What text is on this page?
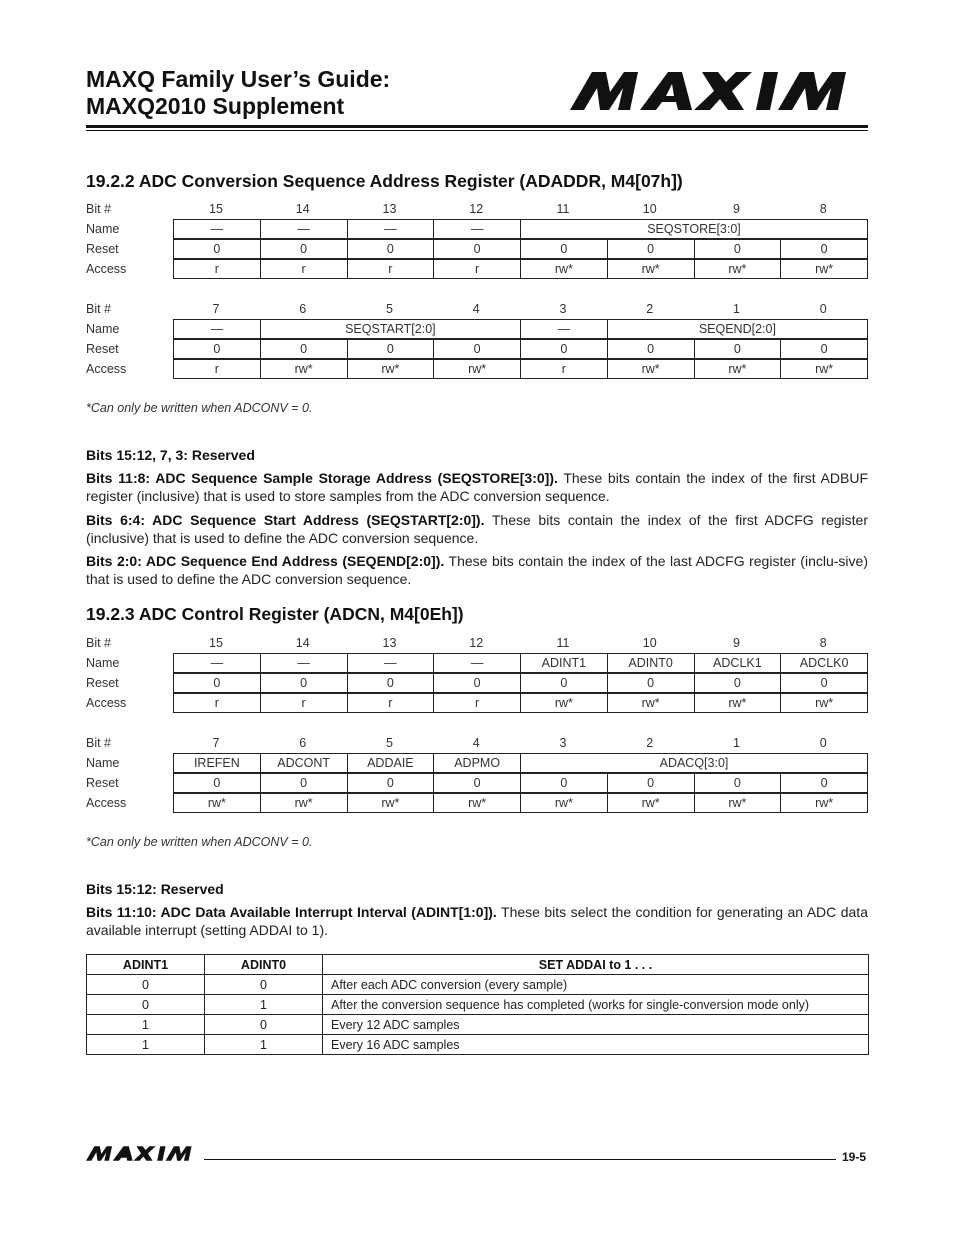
MAXQ Family User’s Guide:
MAXQ2010 Supplement
19.2.2 ADC Conversion Sequence Address Register (ADADDR, M4[07h])
Bit #	15	14	13	12	11	10	9	8
Name	—	—	—	—	SEQSTORE[3:0]
Reset	0	0	0	0	0	0	0	0
Access	r	r	r	r	rw*	rw*	rw*	rw*
Bit #	7	6	5	4	3	2	1	0
Name	—	SEQSTART[2:0]	—	SEQEND[2:0]
Reset	0	0	0	0	0	0	0	0
Access	r	rw*	rw*	rw*	r	rw*	rw*	rw*
*Can only be written when ADCONV = 0.
Bits 15:12, 7, 3: Reserved
Bits 11:8: ADC Sequence Sample Storage Address (SEQSTORE[3:0]). These bits contain the index of the first ADBUF register (inclusive) that is used to store samples from the ADC conversion sequence.
Bits 6:4: ADC Sequence Start Address (SEQSTART[2:0]). These bits contain the index of the first ADCFG register (inclusive) that is used to define the ADC conversion sequence.
Bits 2:0: ADC Sequence End Address (SEQEND[2:0]). These bits contain the index of the last ADCFG register (inclu-sive) that is used to define the ADC conversion sequence.
19.2.3 ADC Control Register (ADCN, M4[0Eh])
Bit #	15	14	13	12	11	10	9	8
Name	—	—	—	—	ADINT1	ADINT0	ADCLK1	ADCLK0
Reset	0	0	0	0	0	0	0	0
Access	r	r	r	r	rw*	rw*	rw*	rw*
Bit #	7	6	5	4	3	2	1	0
Name	IREFEN	ADCONT	ADDAIE	ADPMO	ADACQ[3:0]
Reset	0	0	0	0	0	0	0	0
Access	rw*	rw*	rw*	rw*	rw*	rw*	rw*	rw*
*Can only be written when ADCONV = 0.
Bits 15:12: Reserved
Bits 11:10: ADC Data Available Interrupt Interval (ADINT[1:0]). These bits select the condition for generating an ADC data available interrupt (setting ADDAI to 1).
ADINT1	ADINT0	SET ADDAI to 1 . . .
0	0	After each ADC conversion (every sample)
0	1	After the conversion sequence has completed (works for single-conversion mode only)
1	0	Every 12 ADC samples
1	1	Every 16 ADC samples
19-5
